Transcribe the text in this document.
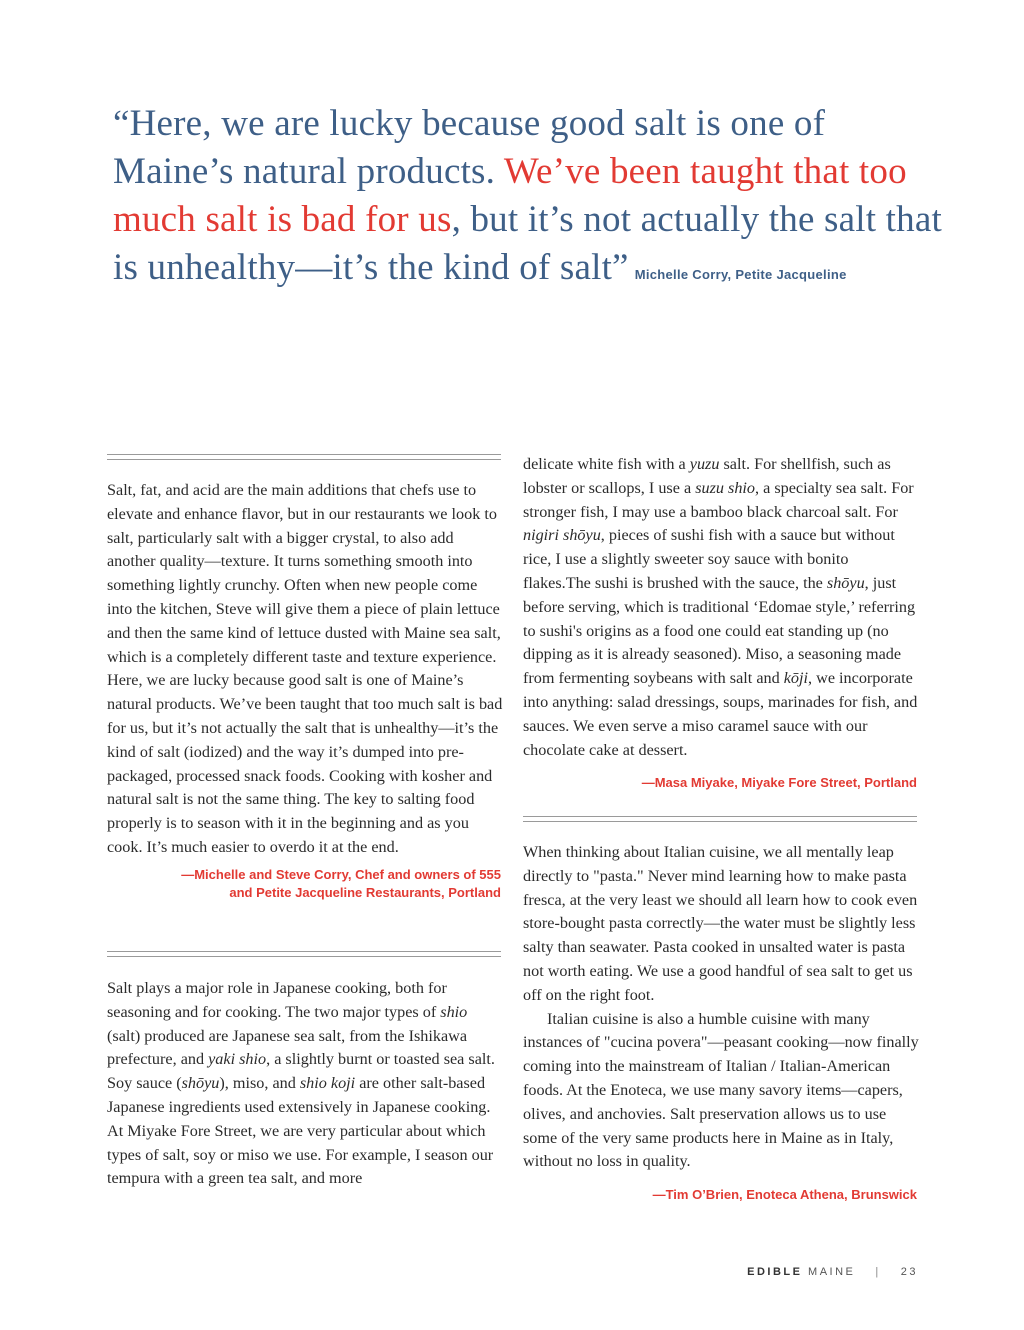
“Here, we are lucky because good salt is one of Maine’s natural products. We’ve been taught that too much salt is bad for us, but it’s not actually the salt that is unhealthy—it’s the kind of salt” Michelle Corry, Petite Jacqueline

Salt, fat, and acid are the main additions that chefs use to elevate and enhance flavor, but in our restaurants we look to salt, particularly salt with a bigger crystal, to also add another quality—texture. It turns something smooth into something lightly crunchy. Often when new people come into the kitchen, Steve will give them a piece of plain lettuce and then the same kind of lettuce dusted with Maine sea salt, which is a completely different taste and texture experience. Here, we are lucky because good salt is one of Maine’s natural products. We’ve been taught that too much salt is bad for us, but it’s not actually the salt that is unhealthy—it’s the kind of salt (iodized) and the way it’s dumped into pre-packaged, processed snack foods. Cooking with kosher and natural salt is not the same thing. The key to salting food properly is to season with it in the beginning and as you cook. It’s much easier to overdo it at the end.

—Michelle and Steve Corry, Chef and owners of 555
and Petite Jacqueline Restaurants, Portland

Salt plays a major role in Japanese cooking, both for seasoning and for cooking. The two major types of shio (salt) produced are Japanese sea salt, from the Ishikawa prefecture, and yaki shio, a slightly burnt or toasted sea salt. Soy sauce (shōyu), miso, and shio koji are other salt-based Japanese ingredients used extensively in Japanese cooking. At Miyake Fore Street, we are very particular about which types of salt, soy or miso we use. For example, I season our tempura with a green tea salt, and more

delicate white fish with a yuzu salt. For shellfish, such as lobster or scallops, I use a suzu shio, a specialty sea salt. For stronger fish, I may use a bamboo black charcoal salt. For nigiri shōyu, pieces of sushi fish with a sauce but without rice, I use a slightly sweeter soy sauce with bonito flakes.The sushi is brushed with the sauce, the shōyu, just before serving, which is traditional ‘Edomae style,’ referring to sushi's origins as a food one could eat standing up (no dipping as it is already seasoned). Miso, a seasoning made from fermenting soybeans with salt and kōji, we incorporate into anything: salad dressings, soups, marinades for fish, and sauces. We even serve a miso caramel sauce with our chocolate cake at dessert.

—Masa Miyake, Miyake Fore Street, Portland

When thinking about Italian cuisine, we all mentally leap directly to "pasta." Never mind learning how to make pasta fresca, at the very least we should all learn how to cook even store-bought pasta correctly—the water must be slightly less salty than seawater. Pasta cooked in unsalted water is pasta not worth eating. We use a good handful of sea salt to get us off on the right foot.

Italian cuisine is also a humble cuisine with many instances of "cucina povera"—peasant cooking—now finally coming into the mainstream of Italian / Italian-American foods. At the Enoteca, we use many savory items—capers, olives, and anchovies. Salt preservation allows us to use some of the very same products here in Maine as in Italy, without no loss in quality.

—Tim O’Brien, Enoteca Athena, Brunswick
EDIBLE MAINE | 23
